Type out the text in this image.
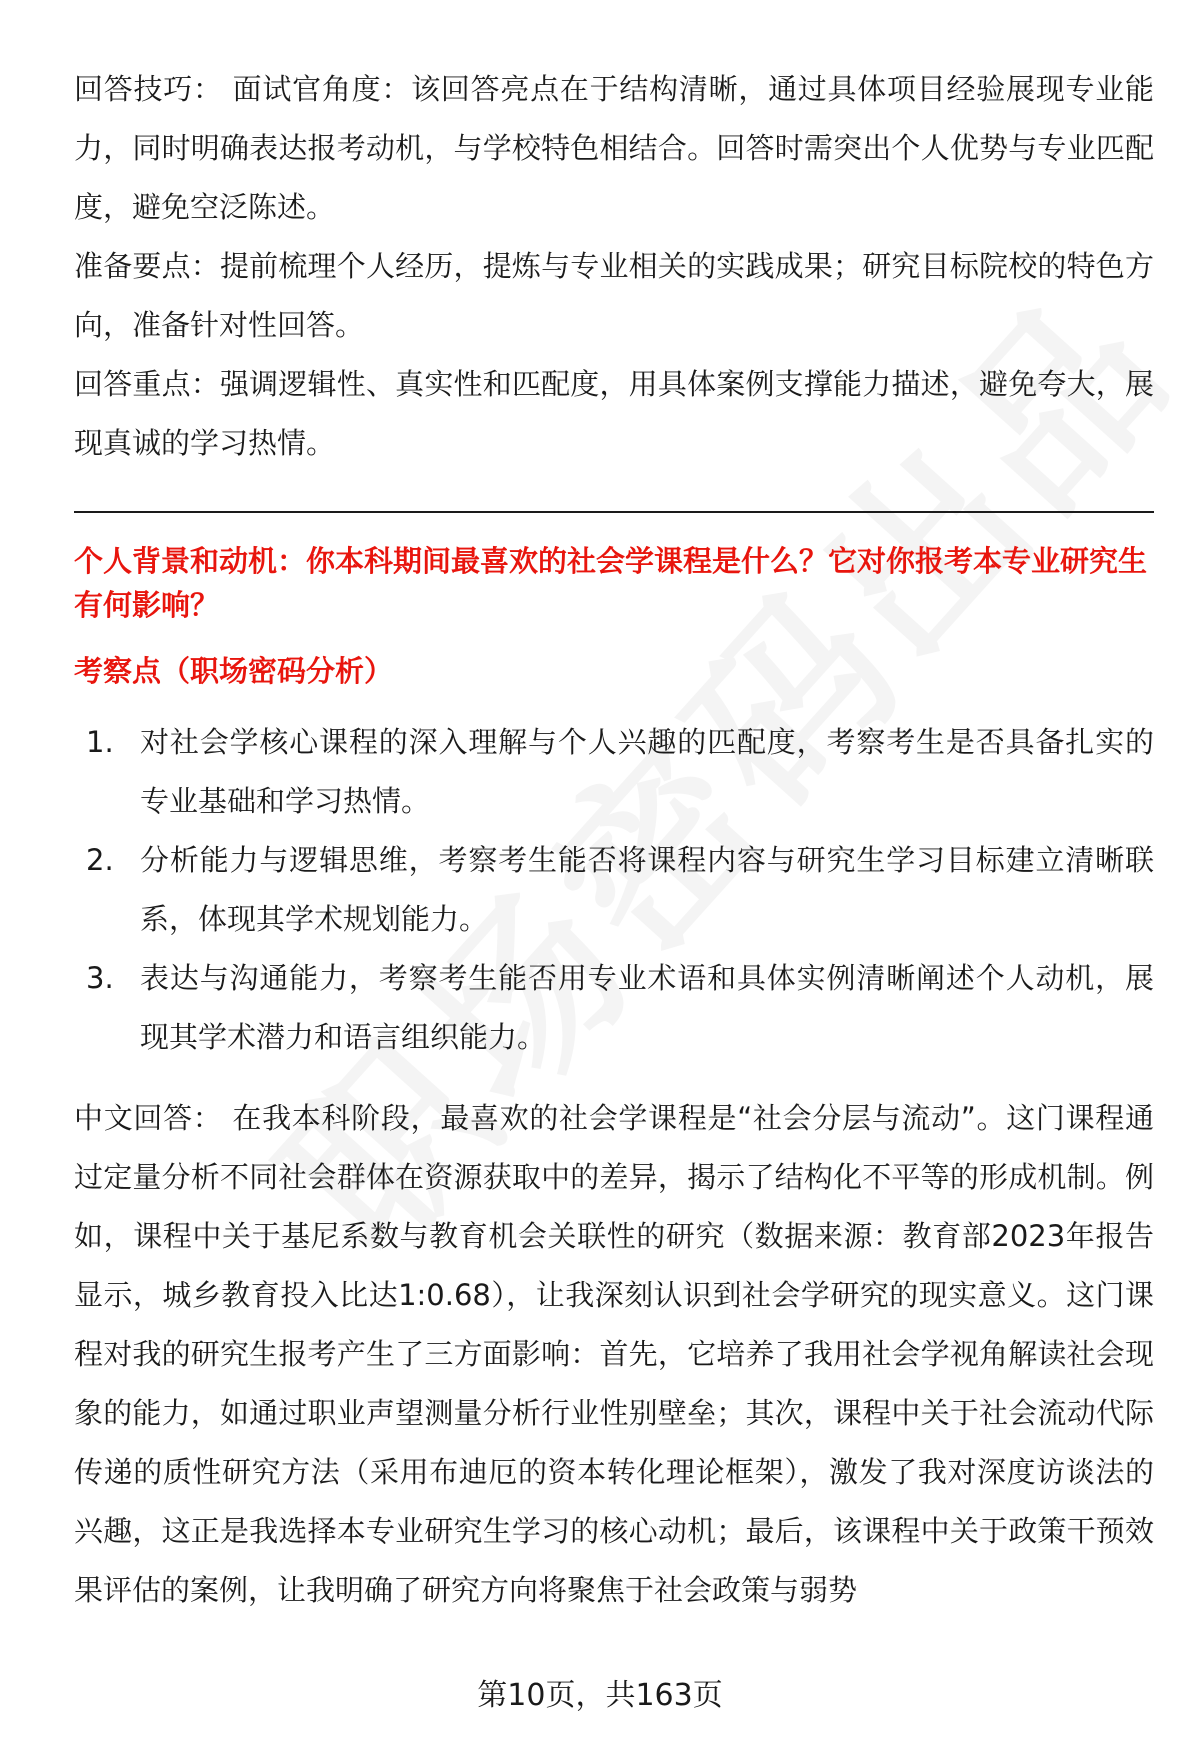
回答技巧： 面试官角度：该回答亮点在于结构清晰，通过具体项目经验展现专业能力，同时明确表达报考动机，与学校特色相结合。回答时需突出个人优势与专业匹配度，避免空泛陈述。

准备要点：提前梳理个人经历，提炼与专业相关的实践成果；研究目标院校的特色方向，准备针对性回答。

回答重点：强调逻辑性、真实性和匹配度，用具体案例支撑能力描述，避免夸大，展现真诚的学习热情。

个人背景和动机：你本科期间最喜欢的社会学课程是什么？它对你报考本专业研究生有何影响？

考察点（职场密码分析）

1. 对社会学核心课程的深入理解与个人兴趣的匹配度，考察考生是否具备扎实的专业基础和学习热情。
2. 分析能力与逻辑思维，考察考生能否将课程内容与研究生学习目标建立清晰联系，体现其学术规划能力。
3. 表达与沟通能力，考察考生能否用专业术语和具体实例清晰阐述个人动机，展现其学术潜力和语言组织能力。

中文回答： 在我本科阶段，最喜欢的社会学课程是“社会分层与流动”。这门课程通过定量分析不同社会群体在资源获取中的差异，揭示了结构化不平等的形成机制。例如，课程中关于基尼系数与教育机会关联性的研究（数据来源：教育部2023年报告显示，城乡教育投入比达1:0.68），让我深刻认识到社会学研究的现实意义。这门课程对我的研究生报考产生了三方面影响：首先，它培养了我用社会学视角解读社会现象的能力，如通过职业声望测量分析行业性别壁垒；其次，课程中关于社会流动代际传递的质性研究方法（采用布迪厄的资本转化理论框架），激发了我对深度访谈法的兴趣，这正是我选择本专业研究生学习的核心动机；最后，该课程中关于政策干预效果评估的案例，让我明确了研究方向将聚焦于社会政策与弱势

第10页，共163页
